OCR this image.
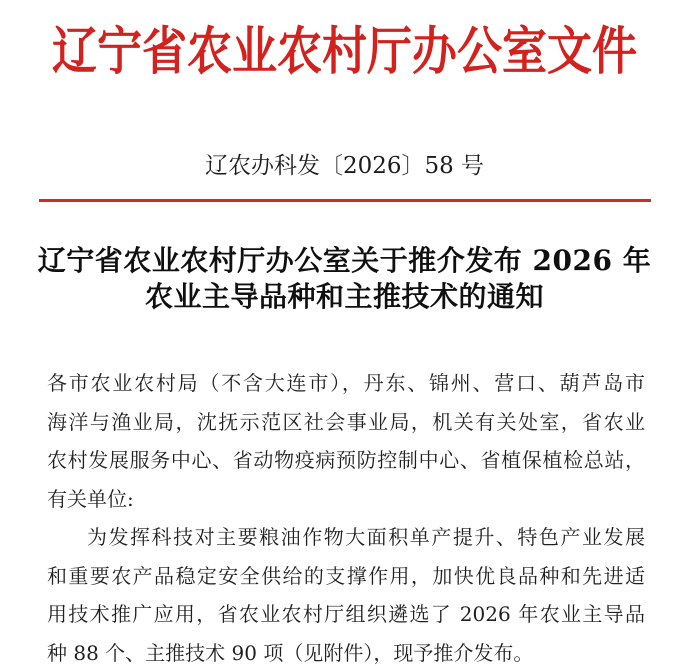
辽宁省农业农村厅办公室文件
辽农办科发〔2026〕58 号
辽宁省农业农村厅办公室关于推介发布 2026 年
农业主导品种和主推技术的通知
各市农业农村局（不含大连市），丹东、锦州、营口、葫芦岛市
海洋与渔业局，沈抚示范区社会事业局，机关有关处室，省农业
农村发展服务中心、省动物疫病预防控制中心、省植保植检总站，
有关单位:
为发挥科技对主要粮油作物大面积单产提升、特色产业发展
和重要农产品稳定安全供给的支撑作用，加快优良品种和先进适
用技术推广应用，省农业农村厅组织遴选了 2026 年农业主导品
种 88 个、主推技术 90 项（见附件），现予推介发布。
